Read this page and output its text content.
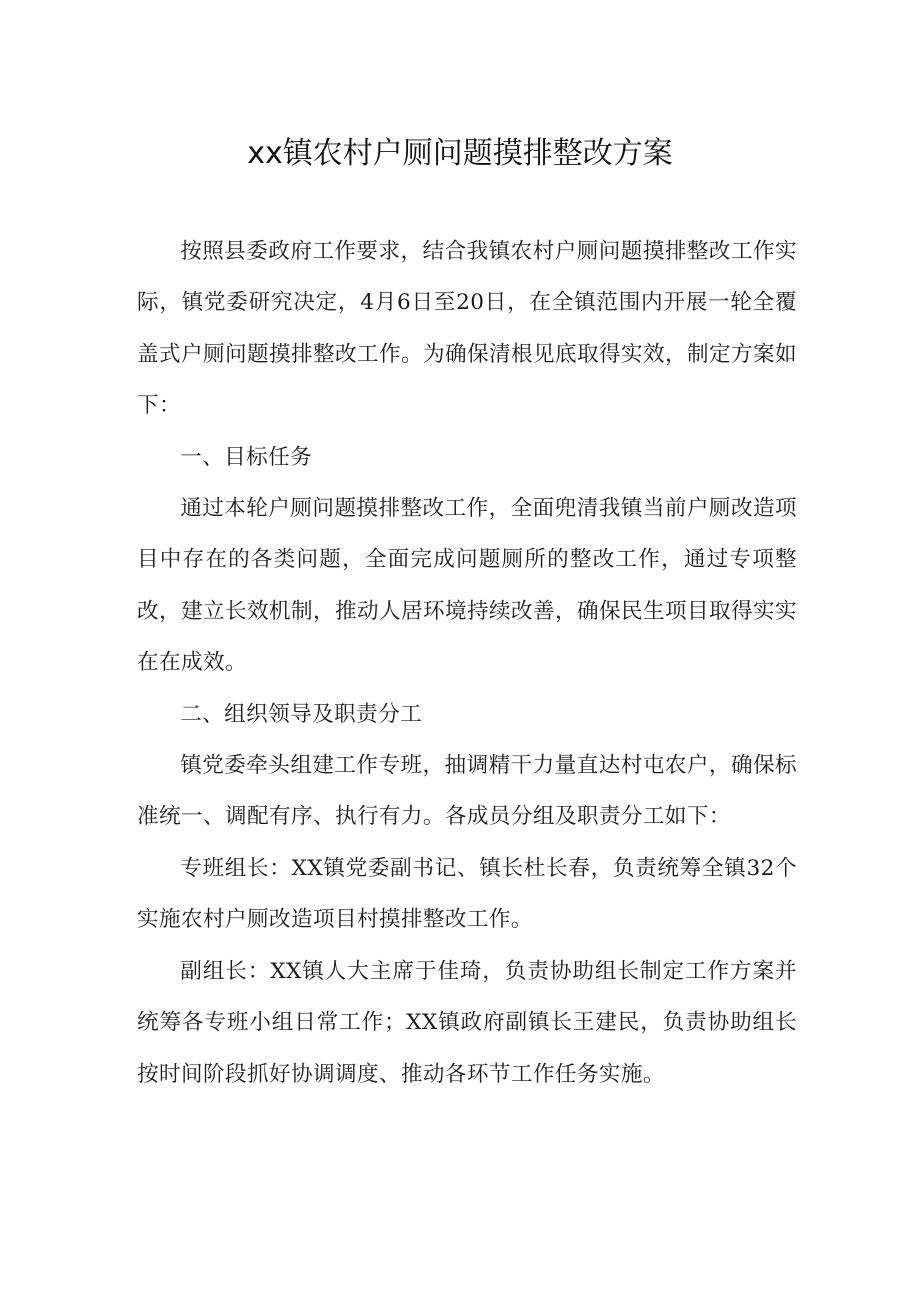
xx镇农村户厕问题摸排整改方案

按照县委政府工作要求，结合我镇农村户厕问题摸排整改工作实际，镇党委研究决定，4月6日至20日，在全镇范围内开展一轮全覆盖式户厕问题摸排整改工作。为确保清根见底取得实效，制定方案如下：

一、目标任务

通过本轮户厕问题摸排整改工作，全面兜清我镇当前户厕改造项目中存在的各类问题，全面完成问题厕所的整改工作，通过专项整改，建立长效机制，推动人居环境持续改善，确保民生项目取得实实在在成效。

二、组织领导及职责分工

镇党委牵头组建工作专班，抽调精干力量直达村屯农户，确保标准统一、调配有序、执行有力。各成员分组及职责分工如下：

专班组长：XX镇党委副书记、镇长杜长春，负责统筹全镇32个实施农村户厕改造项目村摸排整改工作。

副组长：XX镇人大主席于佳琦，负责协助组长制定工作方案并统筹各专班小组日常工作；XX镇政府副镇长王建民，负责协助组长按时间阶段抓好协调调度、推动各环节工作任务实施。
